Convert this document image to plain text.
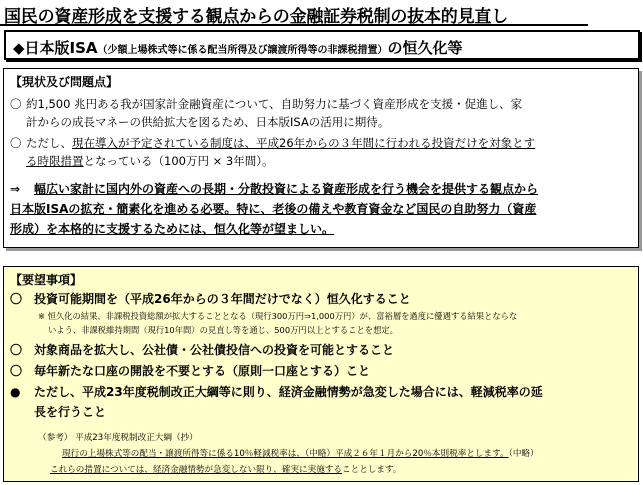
国民の資産形成を支援する観点からの金融証券税制の抜本的見直し
◆日本版ISA（少額上場株式等に係る配当所得及び譲渡所得等の非課税措置）の恒久化等
【現状及び問題点】
〇 約1,500 兆円ある我が国家計金融資産について、自助努力に基づく資産形成を支援・促進し、家
計からの成長マネーの供給拡大を図るため、日本版ISAの活用に期待。
〇 ただし、現在導入が予定されている制度は、平成26年からの３年間に行われる投資だけを対象とす
る時限措置となっている（100万円 × 3年間）。
⇒ 幅広い家計に国内外の資産への長期・分散投資による資産形成を行う機会を提供する観点から
日本版ISAの拡充・簡素化を進める必要。特に、老後の備えや教育資金など国民の自助努力（資産
形成）を本格的に支援するためには、恒久化等が望ましい。
【要望事項】
〇 投資可能期間を（平成26年からの３年間だけでなく）恒久化すること
※ 恒久化の結果、非課税投資総額が拡大することとなる（現行300万円⇒1,000万円）が、富裕層を過度に優遇する結果とならな
いよう、非課税維持期間（現行10年間）の見直し等を通じ、500万円以上とすることを想定。
〇 対象商品を拡大し、公社債・公社債投信への投資を可能とすること
〇 毎年新たな口座の開設を不要とする（原則一口座とする）こと
● ただし、平成23年度税制改正大綱等に則り、経済金融情勢が急変した場合には、軽減税率の延
長を行うこと
（参考） 平成23年度税制改正大綱（抄）
現行の上場株式等の配当・譲渡所得等に係る10％軽減税率は、（中略）平成２６年１月から20％本則税率とします。（中略）
これらの措置については、経済金融情勢が急変しない限り、確実に実施することとします。
